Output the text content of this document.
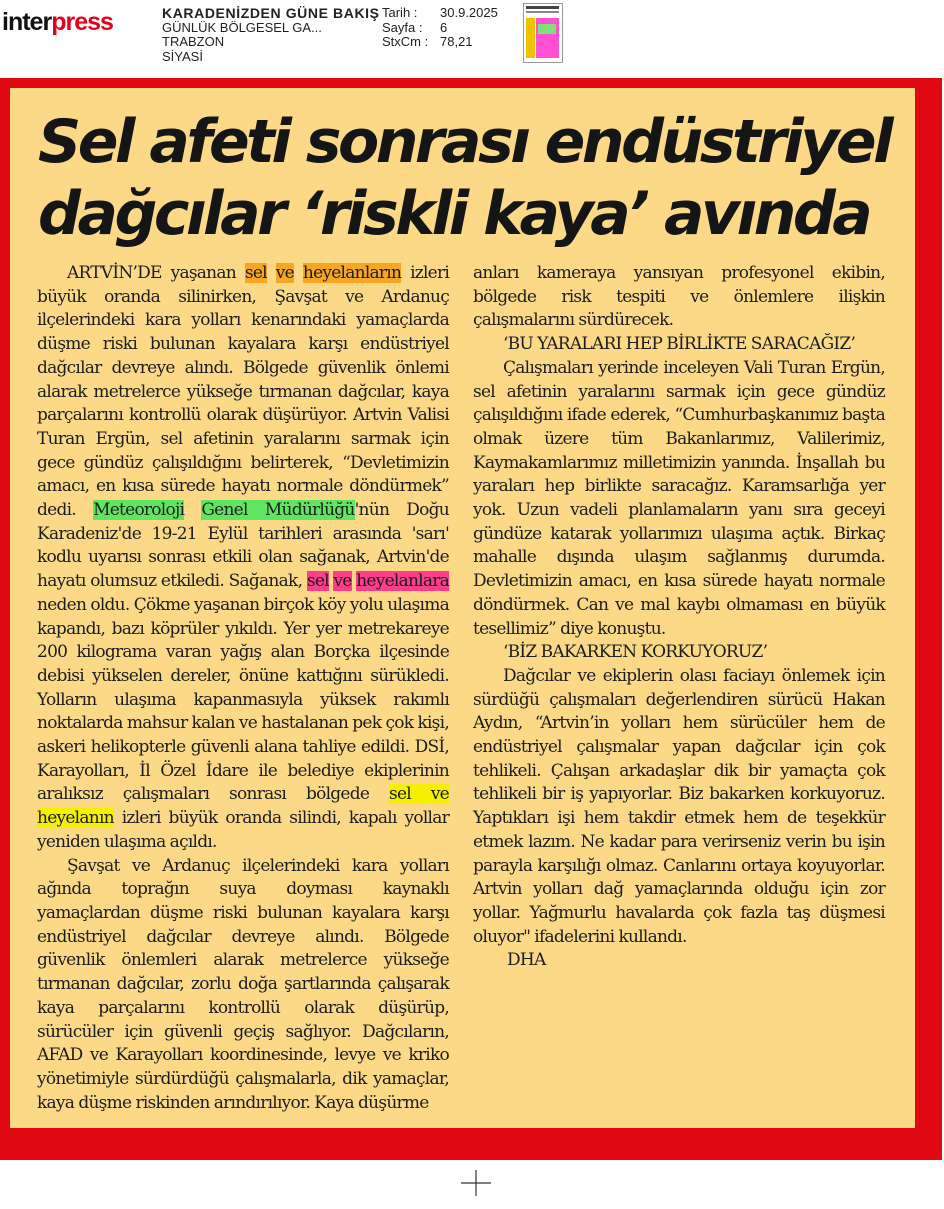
interpress	KARADENİZDEN GÜNE BAKIŞ
GÜNLÜK BÖLGESEL GA...
TRABZON
SİYASİ
Tarih :	30.9.2025
Sayfa :	6
StxCm : 78,21
Sel afeti sonrası endüstriyel
dağcılar ‘riskli kaya’ avında

ARTVİN’DE yaşanan sel ve heyelanların izleri büyük oranda silinirken, Şavşat ve Ardanuç ilçelerindeki kara yolları kenarındaki yamaçlarda düşme riski bulunan kayalara karşı endüstriyel dağcılar devreye alındı. Bölgede güvenlik önlemi alarak metrelerce yükseğe tırmanan dağcılar, kaya parçalarını kontrollü olarak düşürüyor. Artvin Valisi Turan Ergün, sel afetinin yaralarını sarmak için gece gündüz çalışıldığını belirterek, “Devletimizin amacı, en kısa sürede hayatı normale döndürmek” dedi. Meteoroloji Genel Müdürlüğü'nün Doğu Karadeniz'de 19-21 Eylül tarihleri arasında 'sarı' kodlu uyarısı sonrası etkili olan sağanak, Artvin'de hayatı olumsuz etkiledi. Sağanak, sel ve heyelanlara neden oldu. Çökme yaşanan birçok köy yolu ulaşıma kapandı, bazı köprüler yıkıldı. Yer yer metrekareye 200 kilograma varan yağış alan Borçka ilçesinde debisi yükselen dereler, önüne kattığını sürükledi. Yolların ulaşıma kapanmasıyla yüksek rakımlı noktalarda mahsur kalan ve hastalanan pek çok kişi, askeri helikopterle güvenli alana tahliye edildi. DSİ, Karayolları, İl Özel İdare ile belediye ekiplerinin aralıksız çalışmaları sonrası bölgede sel ve heyelanın izleri büyük oranda silindi, kapalı yollar yeniden ulaşıma açıldı.

Şavşat ve Ardanuç ilçelerindeki kara yolları ağında toprağın suya doyması kaynaklı yamaçlardan düşme riski bulunan kayalara karşı endüstriyel dağcılar devreye alındı. Bölgede güvenlik önlemleri alarak metrelerce yükseğe tırmanan dağcılar, zorlu doğa şartlarında çalışarak kaya parçalarını kontrollü olarak düşürüp, sürücüler için güvenli geçiş sağlıyor. Dağcıların, AFAD ve Karayolları koordinesinde, levye ve kriko yönetimiyle sürdürdüğü çalışmalarla, dik yamaçlar, kaya düşme riskinden arındırılıyor. Kaya düşürme

anları kameraya yansıyan profesyonel ekibin, bölgede risk tespiti ve önlemlere ilişkin çalışmalarını sürdürecek.

‘BU YARALARI HEP BİRLİKTE SARACAĞIZ’

Çalışmaları yerinde inceleyen Vali Turan Ergün, sel afetinin yaralarını sarmak için gece gündüz çalışıldığını ifade ederek, “Cumhurbaşkanımız başta olmak üzere tüm Bakanlarımız, Valilerimiz, Kaymakamlarımız milletimizin yanında. İnşallah bu yaraları hep birlikte saracağız. Karamsarlığa yer yok. Uzun vadeli planlamaların yanı sıra geceyi gündüze katarak yollarımızı ulaşıma açtık. Birkaç mahalle dışında ulaşım sağlanmış durumda. Devletimizin amacı, en kısa sürede hayatı normale döndürmek. Can ve mal kaybı olmaması en büyük tesellimiz” diye konuştu.

‘BİZ BAKARKEN KORKUYORUZ’

Dağcılar ve ekiplerin olası faciayı önlemek için sürdüğü çalışmaları değerlendiren sürücü Hakan Aydın, “Artvin’in yolları hem sürücüler hem de endüstriyel çalışmalar yapan dağcılar için çok tehlikeli. Çalışan arkadaşlar dik bir yamaçta çok tehlikeli bir iş yapıyorlar. Biz bakarken korkuyoruz. Yaptıkları işi hem takdir etmek hem de teşekkür etmek lazım. Ne kadar para verirseniz verin bu işin parayla karşılığı olmaz. Canlarını ortaya koyuyorlar. Artvin yolları dağ yamaçlarında olduğu için zor yollar. Yağmurlu havalarda çok fazla taş düşmesi oluyor" ifadelerini kullandı.

DHA
